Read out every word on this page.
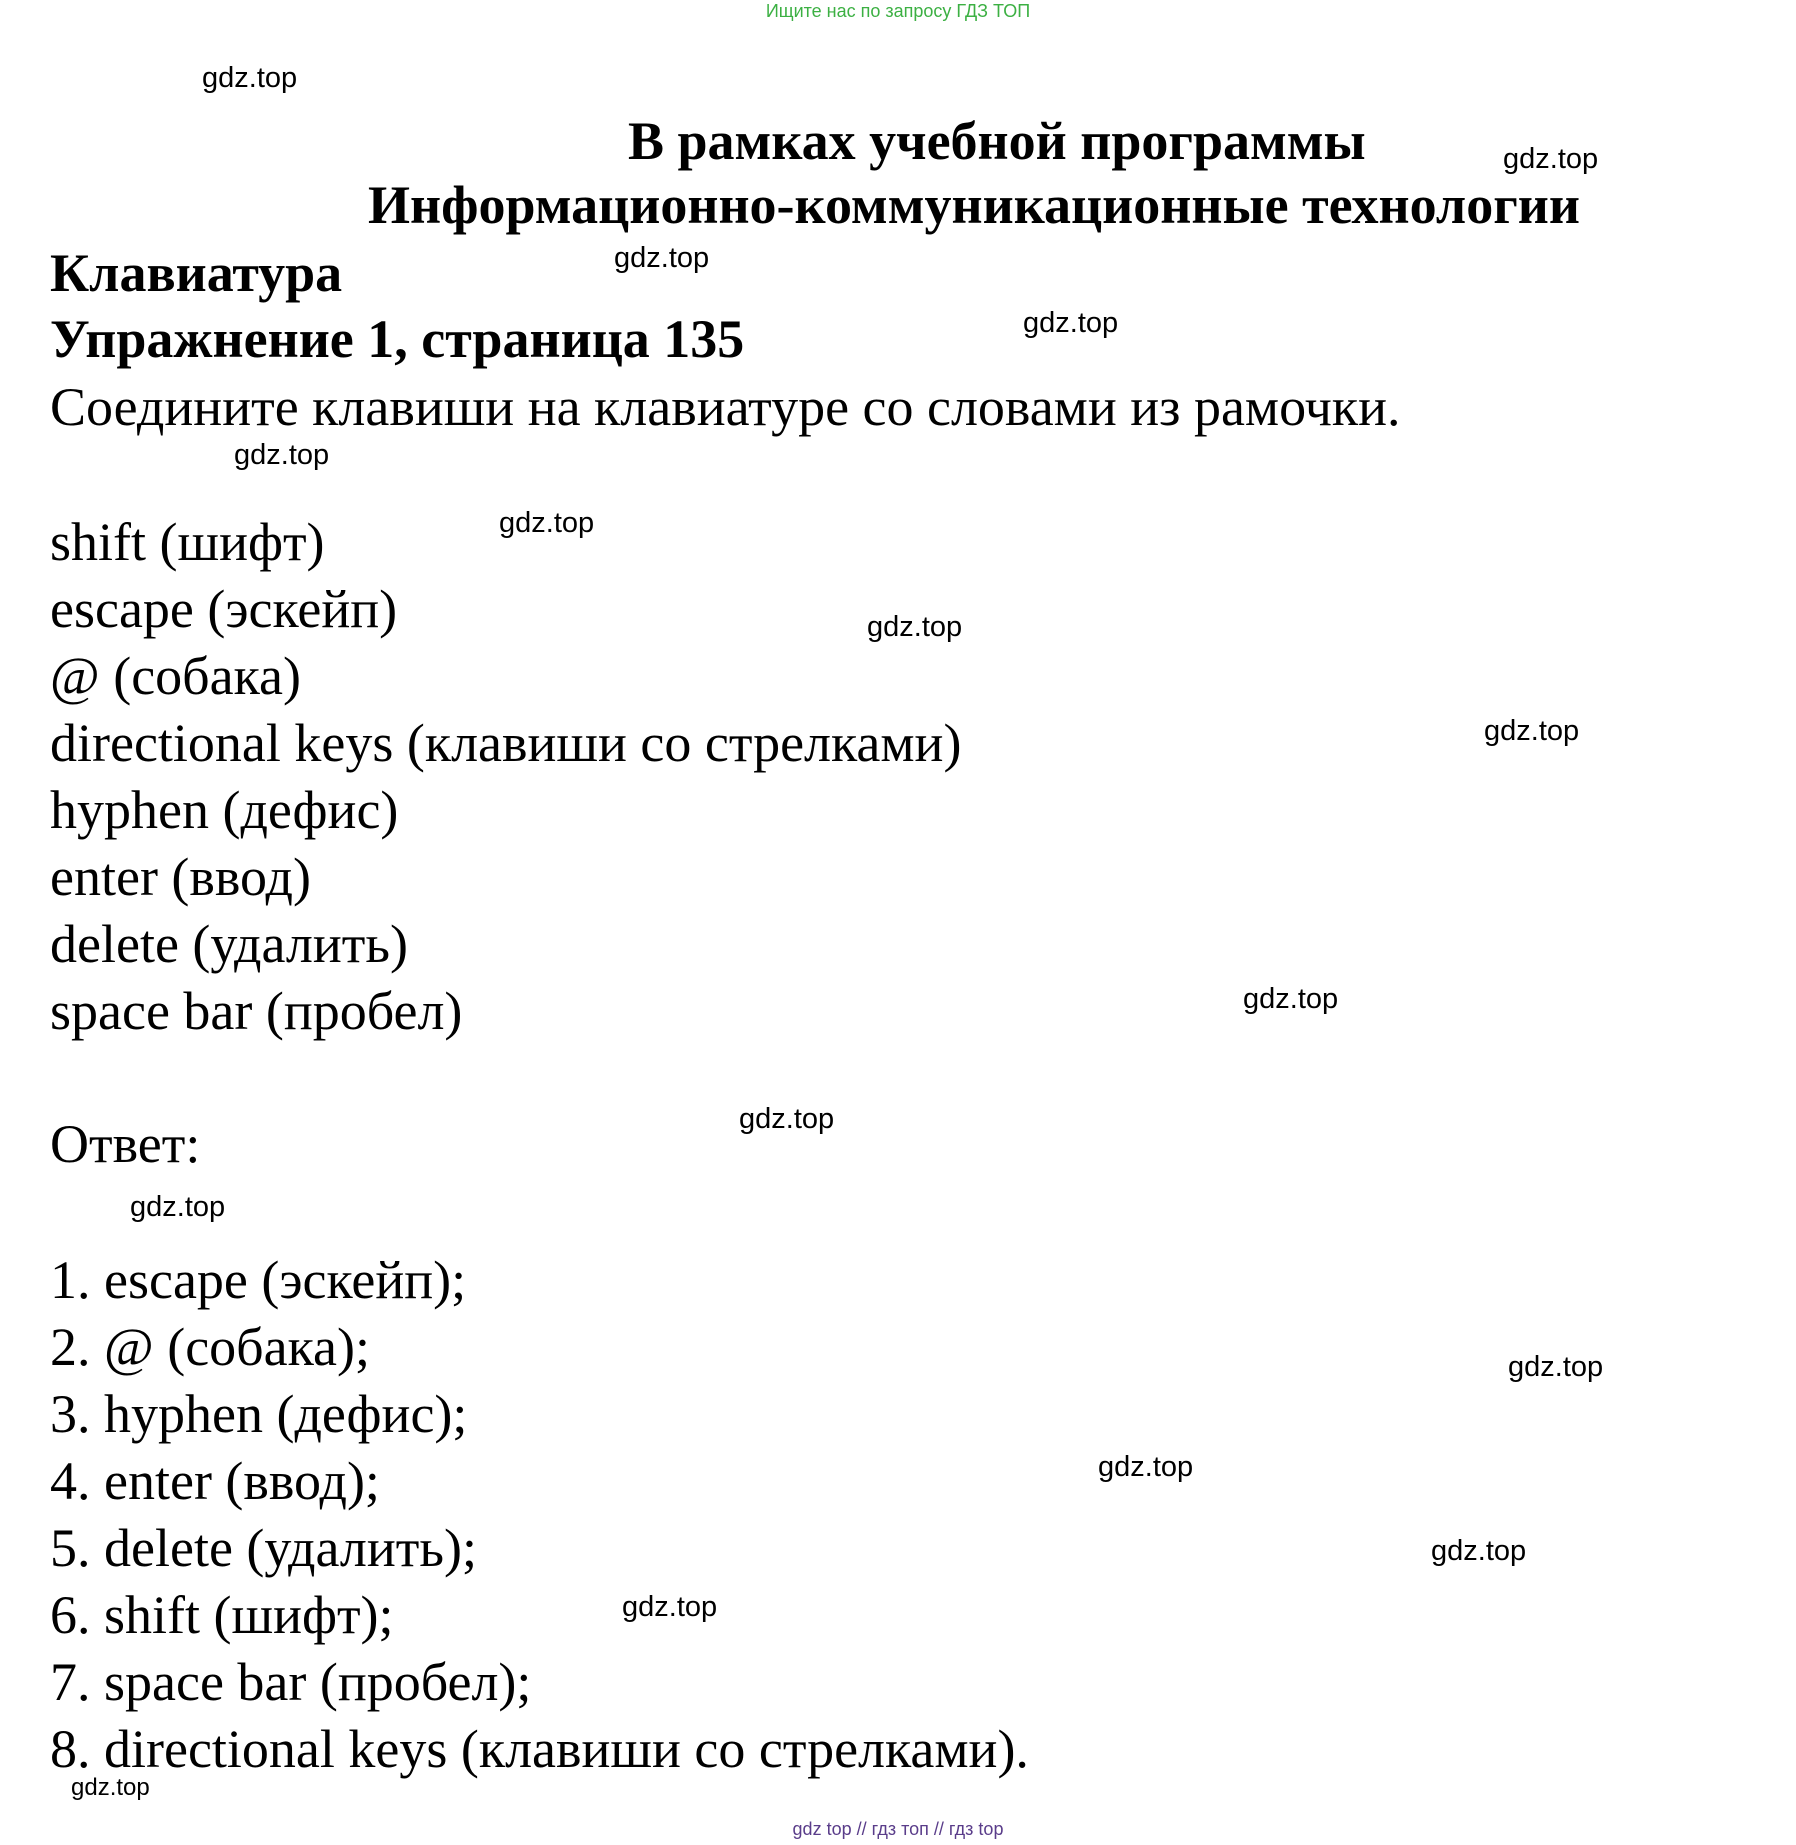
Ищите нас по запросу ГДЗ ТОП
В рамках учебной программы
Информационно-коммуникационные технологии
Клавиатура
Упражнение 1, страница 135
Соедините клавиши на клавиатуре со словами из рамочки.
shift (шифт)
escape (эскейп)
@ (собака)
directional keys (клавиши со стрелками)
hyphen (дефис)
enter (ввод)
delete (удалить)
space bar (пробел)
Ответ:
1. escape (эскейп);
2. @ (собака);
3. hyphen (дефис);
4. enter (ввод);
5. delete (удалить);
6. shift (шифт);
7. space bar (пробел);
8. directional keys (клавиши со стрелками).
gdz.top
gdz.top
gdz.top
gdz.top
gdz.top
gdz.top
gdz.top
gdz.top
gdz.top
gdz.top
gdz.top
gdz.top
gdz.top
gdz.top
gdz.top
gdz.top
gdz top // гдз топ // гдз top
